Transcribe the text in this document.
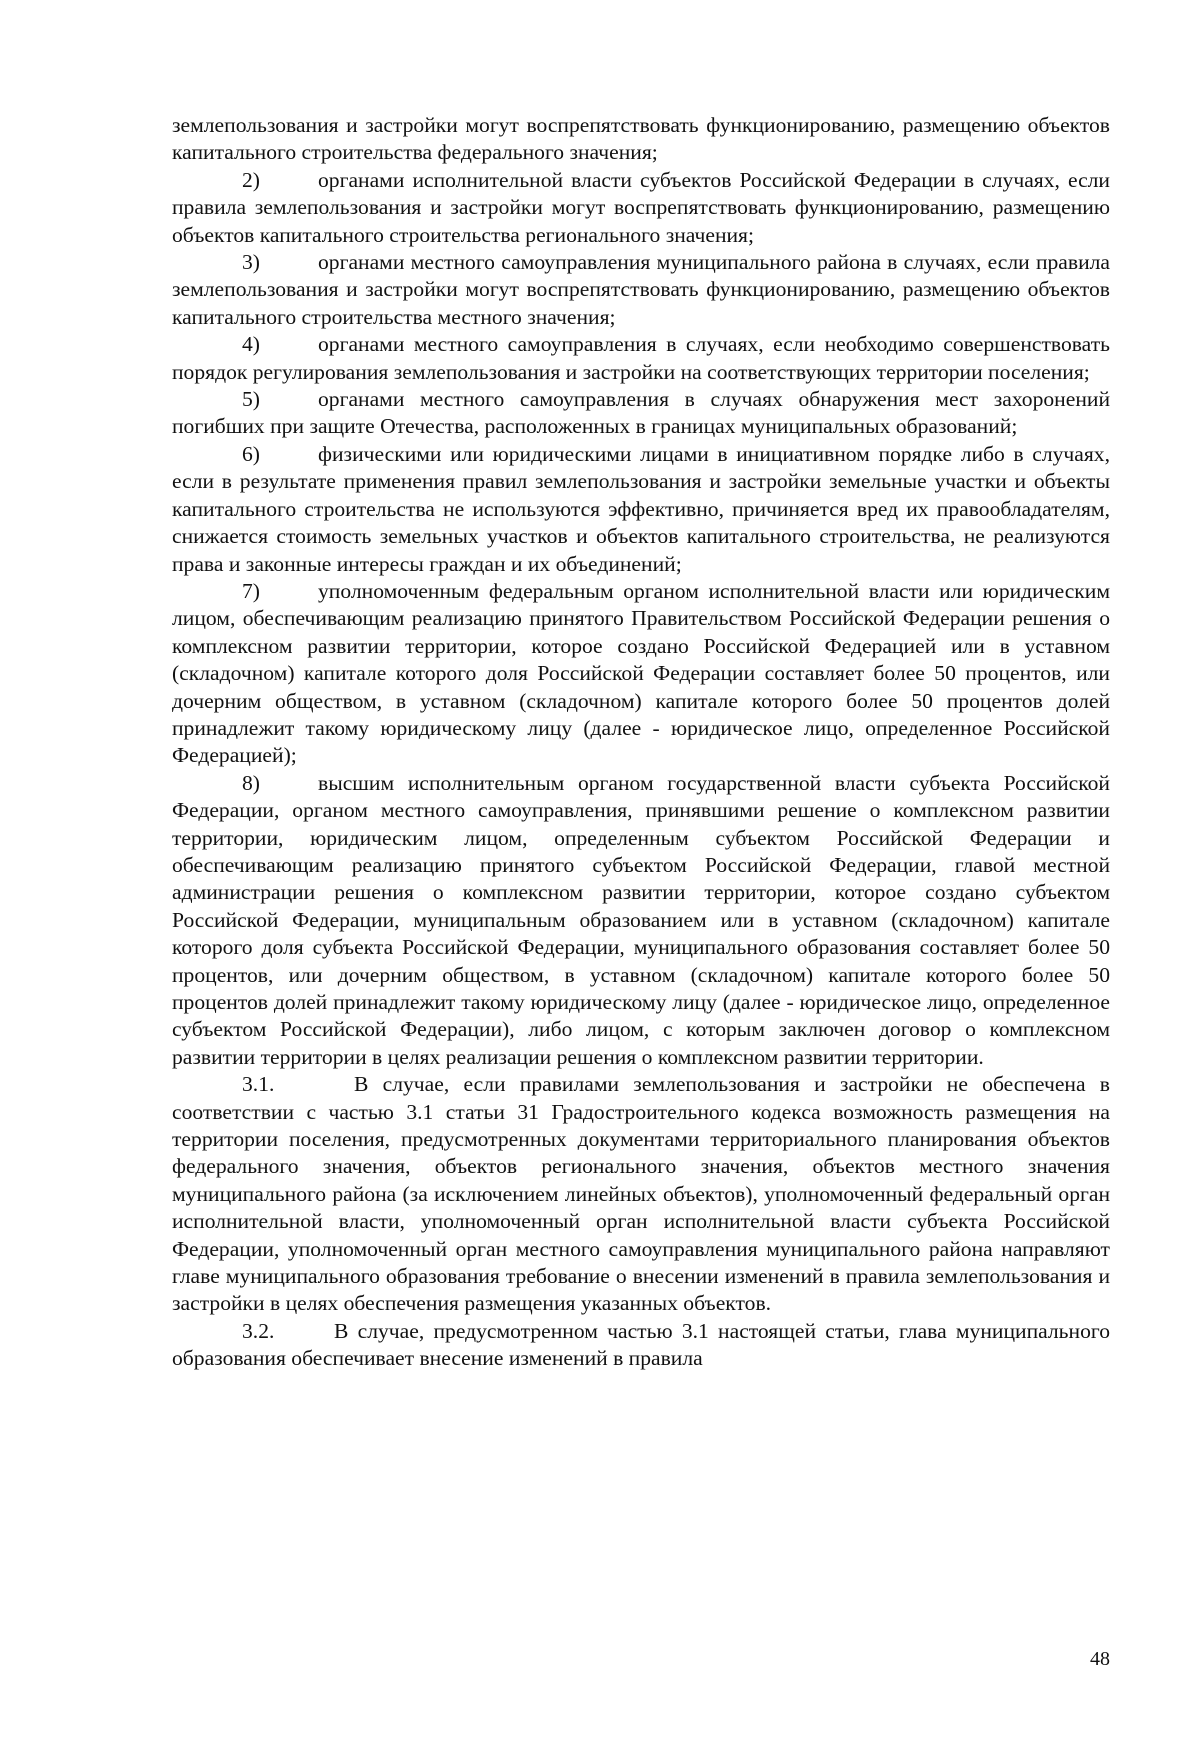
землепользования и застройки могут воспрепятствовать функционированию, размещению объектов капитального строительства федерального значения;

2)	органами исполнительной власти субъектов Российской Федерации в случаях, если правила землепользования и застройки могут воспрепятствовать функционированию, размещению объектов капитального строительства регионального значения;

3)	органами местного самоуправления муниципального района в случаях, если правила землепользования и застройки могут воспрепятствовать функционированию, размещению объектов капитального строительства местного значения;

4)	органами местного самоуправления в случаях, если необходимо совершенствовать порядок регулирования землепользования и застройки на соответствующих территории поселения;

5)	органами местного самоуправления в случаях обнаружения мест захоронений погибших при защите Отечества, расположенных в границах муниципальных образований;

6)	физическими или юридическими лицами в инициативном порядке либо в случаях, если в результате применения правил землепользования и застройки земельные участки и объекты капитального строительства не используются эффективно, причиняется вред их правообладателям, снижается стоимость земельных участков и объектов капитального строительства, не реализуются права и законные интересы граждан и их объединений;

7)	уполномоченным федеральным органом исполнительной власти или юридическим лицом, обеспечивающим реализацию принятого Правительством Российской Федерации решения о комплексном развитии территории, которое создано Российской Федерацией или в уставном (складочном) капитале которого доля Российской Федерации составляет более 50 процентов, или дочерним обществом, в уставном (складочном) капитале которого более 50 процентов долей принадлежит такому юридическому лицу (далее - юридическое лицо, определенное Российской Федерацией);

8)	высшим исполнительным органом государственной власти субъекта Российской Федерации, органом местного самоуправления, принявшими решение о комплексном развитии территории, юридическим лицом, определенным субъектом Российской Федерации и обеспечивающим реализацию принятого субъектом Российской Федерации, главой местной администрации решения о комплексном развитии территории, которое создано субъектом Российской Федерации, муниципальным образованием или в уставном (складочном) капитале которого доля субъекта Российской Федерации, муниципального образования составляет более 50 процентов, или дочерним обществом, в уставном (складочном) капитале которого более 50 процентов долей принадлежит такому юридическому лицу (далее - юридическое лицо, определенное субъектом Российской Федерации), либо лицом, с которым заключен договор о комплексном развитии территории в целях реализации решения о комплексном развитии территории.

3.1.	В случае, если правилами землепользования и застройки не обеспечена в соответствии с частью 3.1 статьи 31 Градостроительного кодекса возможность размещения на территории поселения, предусмотренных документами территориального планирования объектов федерального значения, объектов регионального значения, объектов местного значения муниципального района (за исключением линейных объектов), уполномоченный федеральный орган исполнительной власти, уполномоченный орган исполнительной власти субъекта Российской Федерации, уполномоченный орган местного самоуправления муниципального района направляют главе муниципального образования требование о внесении изменений в правила землепользования и застройки в целях обеспечения размещения указанных объектов.

3.2.	В случае, предусмотренном частью 3.1 настоящей статьи, глава муниципального образования обеспечивает внесение изменений в правила

48
